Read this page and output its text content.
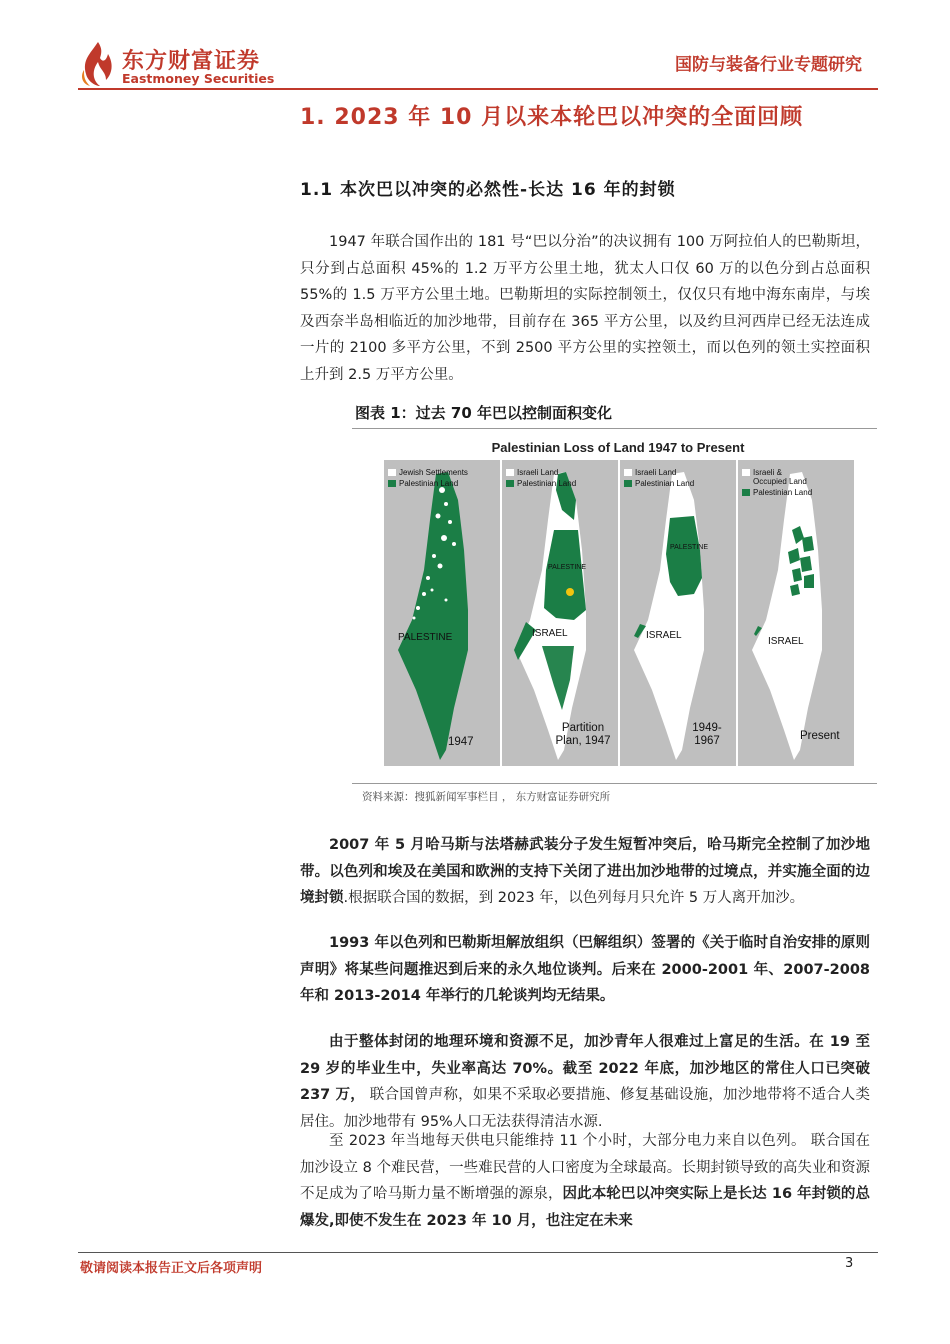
东方财富证券
Eastmoney Securities
国防与装备行业专题研究
1. 2023 年 10 月以来本轮巴以冲突的全面回顾
1.1 本次巴以冲突的必然性-长达 16 年的封锁
1947 年联合国作出的 181 号“巴以分治”的决议拥有 100 万阿拉伯人的巴勒斯坦，只分到占总面积 45%的 1.2 万平方公里土地，犹太人口仅 60 万的以色分到占总面积 55%的 1.5 万平方公里土地。巴勒斯坦的实际控制领土，仅仅只有地中海东南岸，与埃及西奈半岛相临近的加沙地带，目前存在 365 平方公里，以及约旦河西岸已经无法连成一片的 2100 多平方公里，不到 2500 平方公里的实控领土，而以色列的领土实控面积上升到 2.5 万平方公里。
图表 1：过去 70 年巴以控制面积变化
Palestinian Loss of Land 1947 to Present
Jewish Settlements
Palestinian Land
PALESTINE
1947
Israeli Land
Palestinian Land
PALESTINE
ISRAEL
Partition Plan, 1947
Israeli Land
Palestinian Land
PALESTINE
ISRAEL
1949- 1967
Israeli & Occupied Land
Palestinian Land
ISRAEL
Present
资料来源：搜狐新闻军事栏目 ， 东方财富证券研究所
2007 年 5 月哈马斯与法塔赫武装分子发生短暂冲突后，哈马斯完全控制了加沙地带。以色列和埃及在美国和欧洲的支持下关闭了进出加沙地带的过境点，并实施全面的边境封锁.根据联合国的数据，到 2023 年，以色列每月只允许 5 万人离开加沙。
1993 年以色列和巴勒斯坦解放组织（巴解组织）签署的《关于临时自治安排的原则声明》将某些问题推迟到后来的永久地位谈判。后来在 2000-2001 年、2007-2008 年和 2013-2014 年举行的几轮谈判均无结果。
由于整体封闭的地理环境和资源不足，加沙青年人很难过上富足的生活。在 19 至 29 岁的毕业生中，失业率高达 70%。截至 2022 年底，加沙地区的常住人口已突破 237 万， 联合国曾声称，如果不采取必要措施、修复基础设施，加沙地带将不适合人类居住。加沙地带有 95%人口无法获得清洁水源.
至 2023 年当地每天供电只能维持 11 个小时，大部分电力来自以色列。 联合国在加沙设立 8 个难民营，一些难民营的人口密度为全球最高。长期封锁导致的高失业和资源不足成为了哈马斯力量不断增强的源泉，因此本轮巴以冲突实际上是长达 16 年封锁的总爆发,即使不发生在 2023 年 10 月，也注定在未来
敬请阅读本报告正文后各项声明	3
